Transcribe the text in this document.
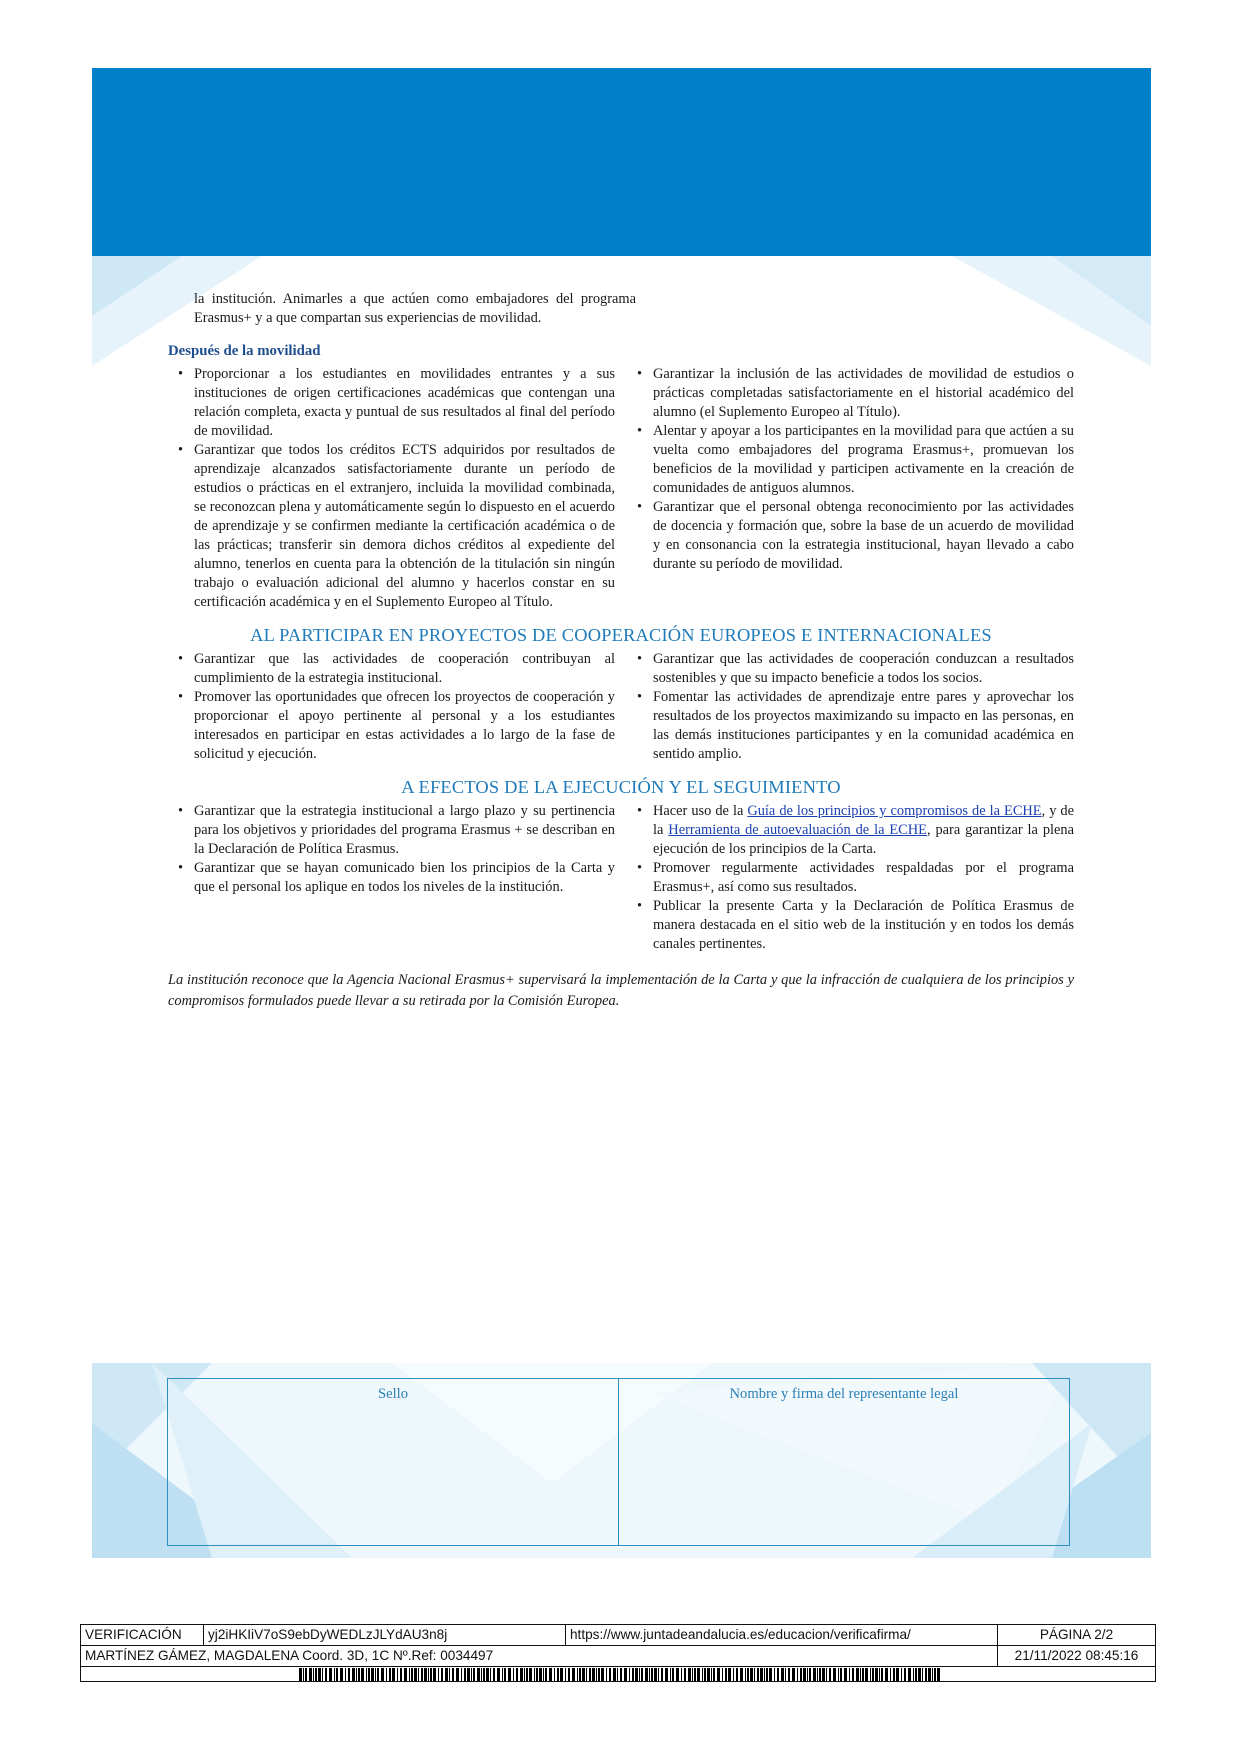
la institución. Animarles a que actúen como embajadores del programa Erasmus+ y a que compartan sus experiencias de movilidad.
Después de la movilidad
• Proporcionar a los estudiantes en movilidades entrantes y a sus instituciones de origen certificaciones académicas que contengan una relación completa, exacta y puntual de sus resultados al final del período de movilidad.
• Garantizar que todos los créditos ECTS adquiridos por resultados de aprendizaje alcanzados satisfactoriamente durante un período de estudios o prácticas en el extranjero, incluida la movilidad combinada, se reconozcan plena y automáticamente según lo dispuesto en el acuerdo de aprendizaje y se confirmen mediante la certificación académica o de las prácticas; transferir sin demora dichos créditos al expediente del alumno, tenerlos en cuenta para la obtención de la titulación sin ningún trabajo o evaluación adicional del alumno y hacerlos constar en su certificación académica y en el Suplemento Europeo al Título.
• Garantizar la inclusión de las actividades de movilidad de estudios o prácticas completadas satisfactoriamente en el historial académico del alumno (el Suplemento Europeo al Título).
• Alentar y apoyar a los participantes en la movilidad para que actúen a su vuelta como embajadores del programa Erasmus+, promuevan los beneficios de la movilidad y participen activamente en la creación de comunidades de antiguos alumnos.
• Garantizar que el personal obtenga reconocimiento por las actividades de docencia y formación que, sobre la base de un acuerdo de movilidad y en consonancia con la estrategia institucional, hayan llevado a cabo durante su período de movilidad.
AL PARTICIPAR EN PROYECTOS DE COOPERACIÓN EUROPEOS E INTERNACIONALES
• Garantizar que las actividades de cooperación contribuyan al cumplimiento de la estrategia institucional.
• Promover las oportunidades que ofrecen los proyectos de cooperación y proporcionar el apoyo pertinente al personal y a los estudiantes interesados en participar en estas actividades a lo largo de la fase de solicitud y ejecución.
• Garantizar que las actividades de cooperación conduzcan a resultados sostenibles y que su impacto beneficie a todos los socios.
• Fomentar las actividades de aprendizaje entre pares y aprovechar los resultados de los proyectos maximizando su impacto en las personas, en las demás instituciones participantes y en la comunidad académica en sentido amplio.
A EFECTOS DE LA EJECUCIÓN Y EL SEGUIMIENTO
• Garantizar que la estrategia institucional a largo plazo y su pertinencia para los objetivos y prioridades del programa Erasmus + se describan en la Declaración de Política Erasmus.
• Garantizar que se hayan comunicado bien los principios de la Carta y que el personal los aplique en todos los niveles de la institución.
• Hacer uso de la Guía de los principios y compromisos de la ECHE, y de la Herramienta de autoevaluación de la ECHE, para garantizar la plena ejecución de los principios de la Carta.
• Promover regularmente actividades respaldadas por el programa Erasmus+, así como sus resultados.
• Publicar la presente Carta y la Declaración de Política Erasmus de manera destacada en el sitio web de la institución y en todos los demás canales pertinentes.
La institución reconoce que la Agencia Nacional Erasmus+ supervisará la implementación de la Carta y que la infracción de cualquiera de los principios y compromisos formulados puede llevar a su retirada por la Comisión Europea.
Sello	Nombre y firma del representante legal
VERIFICACIÓN	yj2iHKIiV7oS9ebDyWEDLzJLYdAU3n8j	https://www.juntadeandalucia.es/educacion/verificafirma/	PÁGINA 2/2
MARTÍNEZ GÁMEZ, MAGDALENA Coord. 3D, 1C Nº.Ref: 0034497	21/11/2022 08:45:16
